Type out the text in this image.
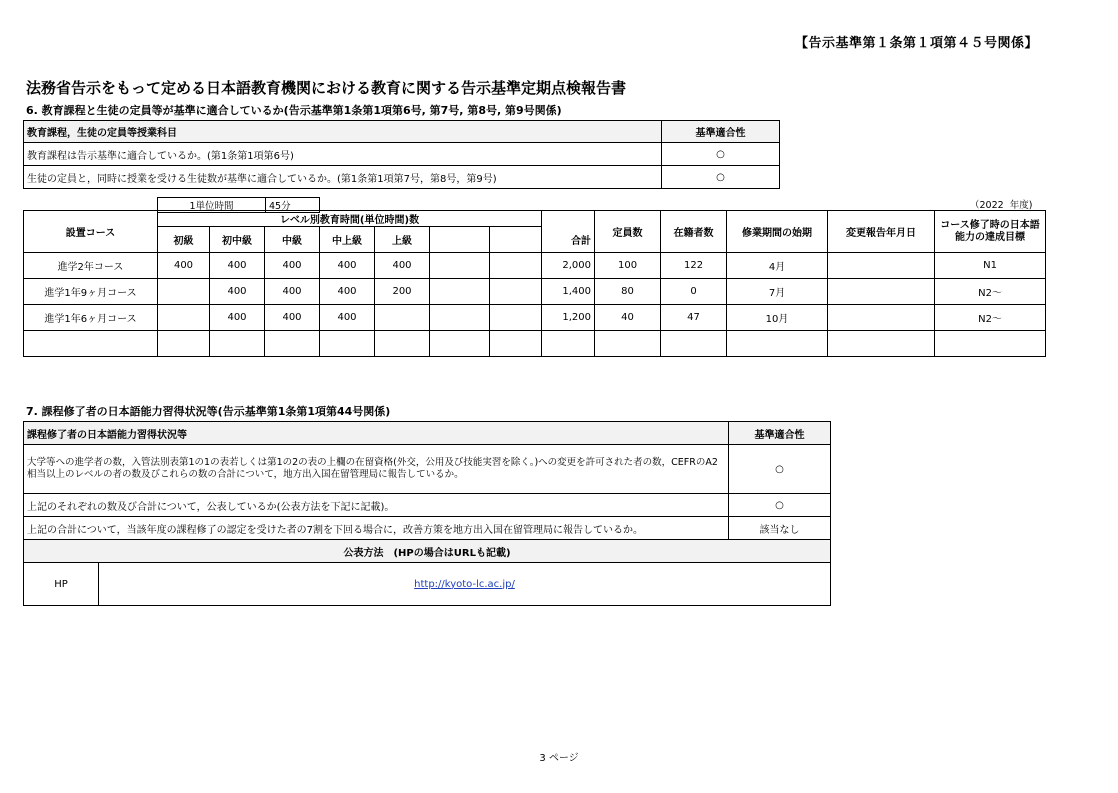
【告示基準第１条第１項第４５号関係】
法務省告示をもって定める日本語教育機関における教育に関する告示基準定期点検報告書
6. 教育課程と生徒の定員等が基準に適合しているか(告示基準第1条第1項第6号, 第7号, 第8号, 第9号関係)
教育課程，生徒の定員等授業科目	基準適合性
教育課程は告示基準に適合しているか。(第1条第1項第6号)	○
生徒の定員と，同時に授業を受ける生徒数が基準に適合しているか。(第1条第1項第7号，第8号，第9号)	○
1単位時間	45分	（2022 年度)
設置コース	レベル別教育時間(単位時間)数							合計	定員数	在籍者数	修業期間の始期	変更報告年月日	コース修了時の日本語能力の達成目標
	初級	初中級	中級	中上級	上級								
進学2年コース	400	400	400	400	400			2,000	100	122	4月		N1
進学1年9ヶ月コース		400	400	400	200			1,400	80	0	7月		N2～
進学1年6ヶ月コース		400	400	400				1,200	40	47	10月		N2～

7. 課程修了者の日本語能力習得状況等(告示基準第1条第1項第44号関係)
課程修了者の日本語能力習得状況等		基準適合性
大学等への進学者の数，入管法別表第1の1の表若しくは第1の2の表の上欄の在留資格(外交，公用及び技能実習を除く。)への変更を許可された者の数，CEFRのA2相当以上のレベルの者の数及びこれらの数の合計について，地方出入国在留管理局に報告しているか。		○
上記のそれぞれの数及び合計について，公表しているか(公表方法を下記に記載)。		○
上記の合計について，当該年度の課程修了の認定を受けた者の7割を下回る場合に，改善方策を地方出入国在留管理局に報告しているか。		該当なし
公表方法　(HPの場合はURLも記載)		
HP	http://kyoto-lc.ac.jp/	
3 ページ
